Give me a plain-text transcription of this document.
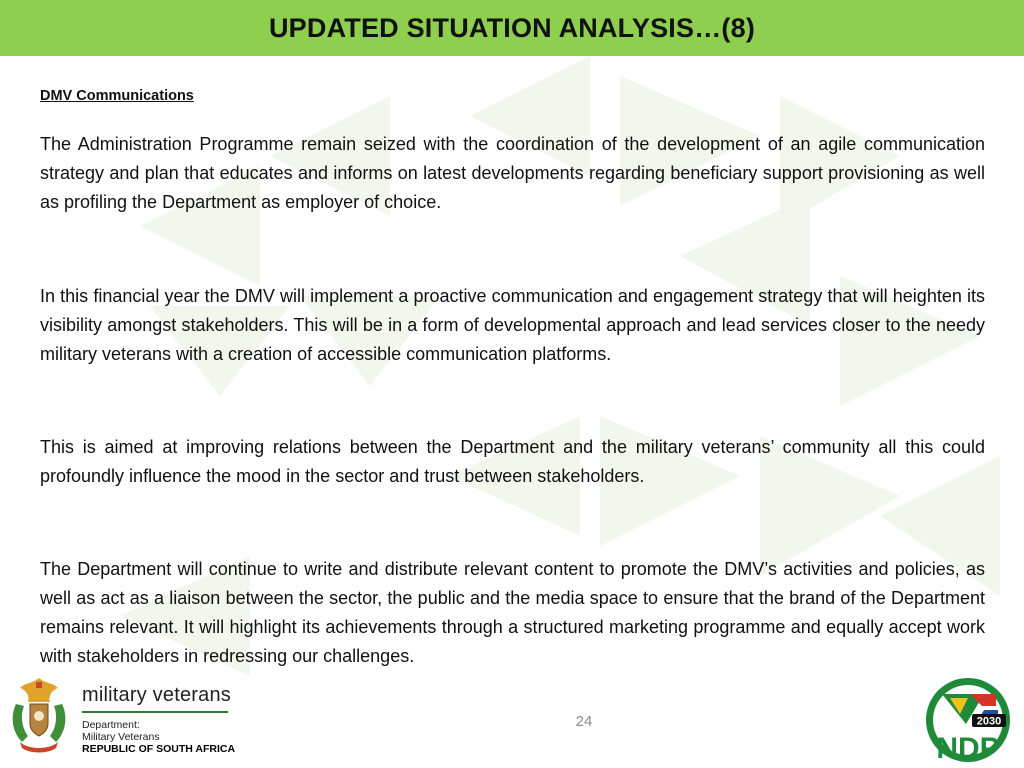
UPDATED SITUATION ANALYSIS…(8)
DMV Communications

The Administration Programme remain seized with the coordination of the development of an agile communication strategy and plan that educates and informs on latest developments regarding beneficiary support provisioning as well as profiling the Department as employer of choice.

In this financial year the DMV will implement a proactive communication and engagement strategy that will heighten its visibility amongst stakeholders. This will be in a form of developmental approach and lead services closer to the needy military veterans with a creation of accessible communication platforms.

This is aimed at improving relations between the Department and the military veterans’ community all this could profoundly influence the mood in the sector and trust between stakeholders.

The Department will continue to write and distribute relevant content to promote the DMV’s activities and policies, as well as act as a liaison between the sector, the public and the media space to ensure that the brand of the Department remains relevant. It will highlight its achievements through a structured marketing programme and equally accept work with stakeholders in redressing our challenges.

military veterans
Department:
Military Veterans
REPUBLIC OF SOUTH AFRICA
24	2030
NDP
